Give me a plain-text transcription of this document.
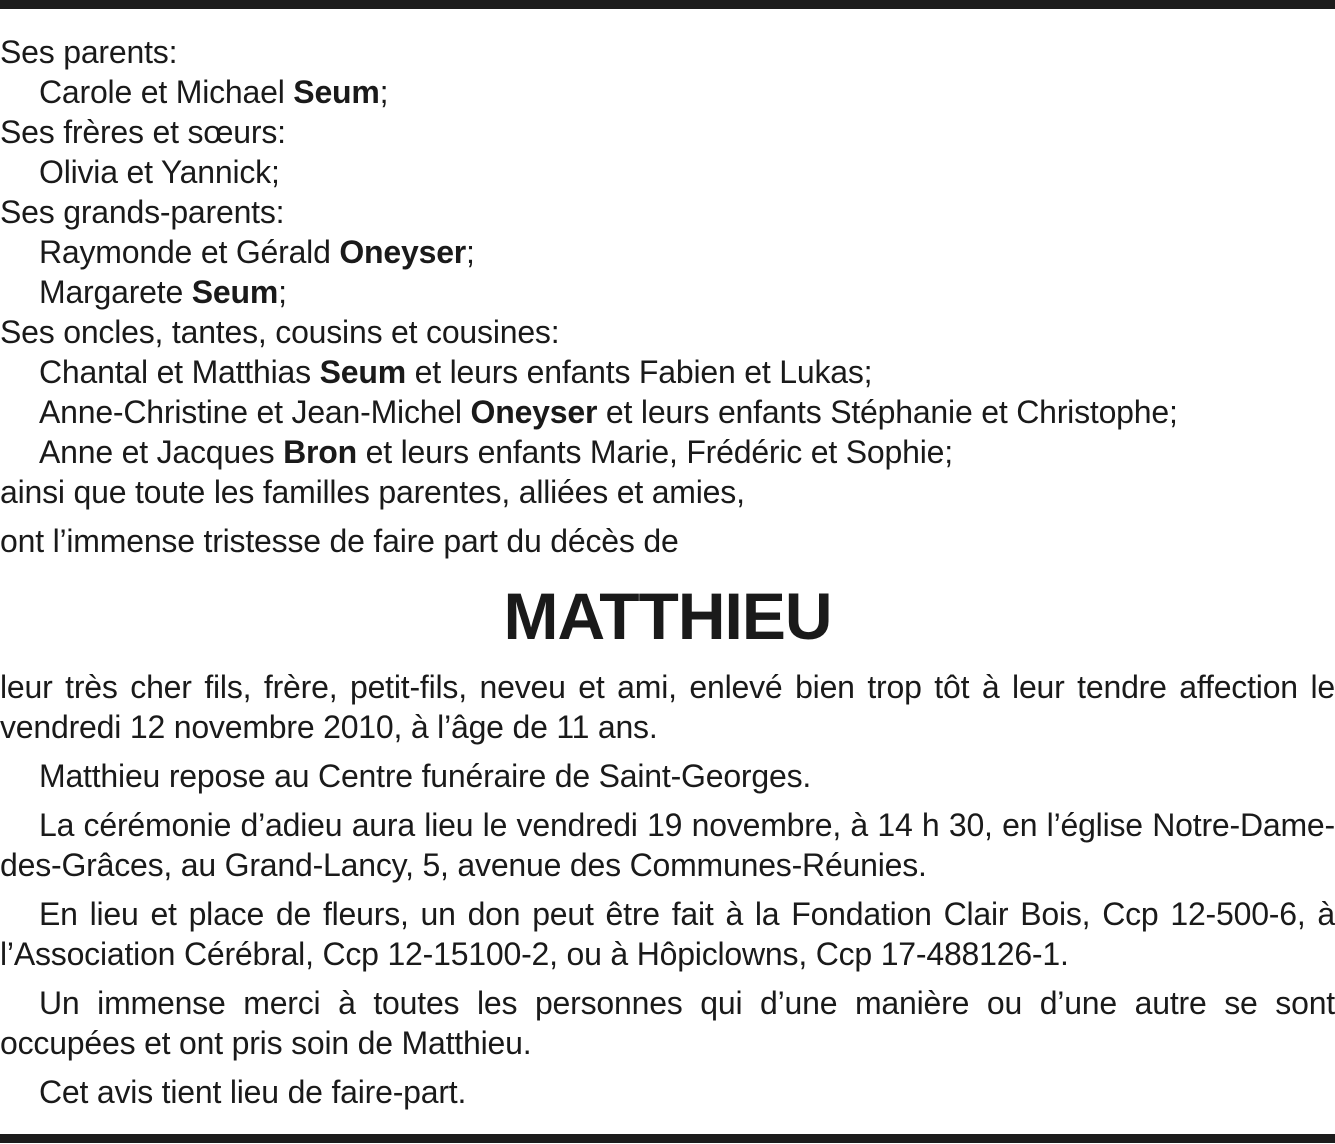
Ses parents:
Carole et Michael Seum;
Ses frères et sœurs:
Olivia et Yannick;
Ses grands-parents:
Raymonde et Gérald Oneyser;
Margarete Seum;
Ses oncles, tantes, cousins et cousines:
Chantal et Matthias Seum et leurs enfants Fabien et Lukas;
Anne-Christine et Jean-Michel Oneyser et leurs enfants Stéphanie et Christophe;
Anne et Jacques Bron et leurs enfants Marie, Frédéric et Sophie;
ainsi que toute les familles parentes, alliées et amies,
ont l’immense tristesse de faire part du décès de
MATTHIEU

leur très cher fils, frère, petit-fils, neveu et ami, enlevé bien trop tôt à leur tendre affection le vendredi 12 novembre 2010, à l’âge de 11 ans.

Matthieu repose au Centre funéraire de Saint-Georges.

La cérémonie d’adieu aura lieu le vendredi 19 novembre, à 14 h 30, en l’église Notre-Dame-des-Grâces, au Grand-Lancy, 5, avenue des Communes-Réunies.

En lieu et place de fleurs, un don peut être fait à la Fondation Clair Bois, Ccp 12-500-6, à l’Association Cérébral, Ccp 12-15100-2, ou à Hôpiclowns, Ccp 17-488126-1.

Un immense merci à toutes les personnes qui d’une manière ou d’une autre se sont occupées et ont pris soin de Matthieu.

Cet avis tient lieu de faire-part.
